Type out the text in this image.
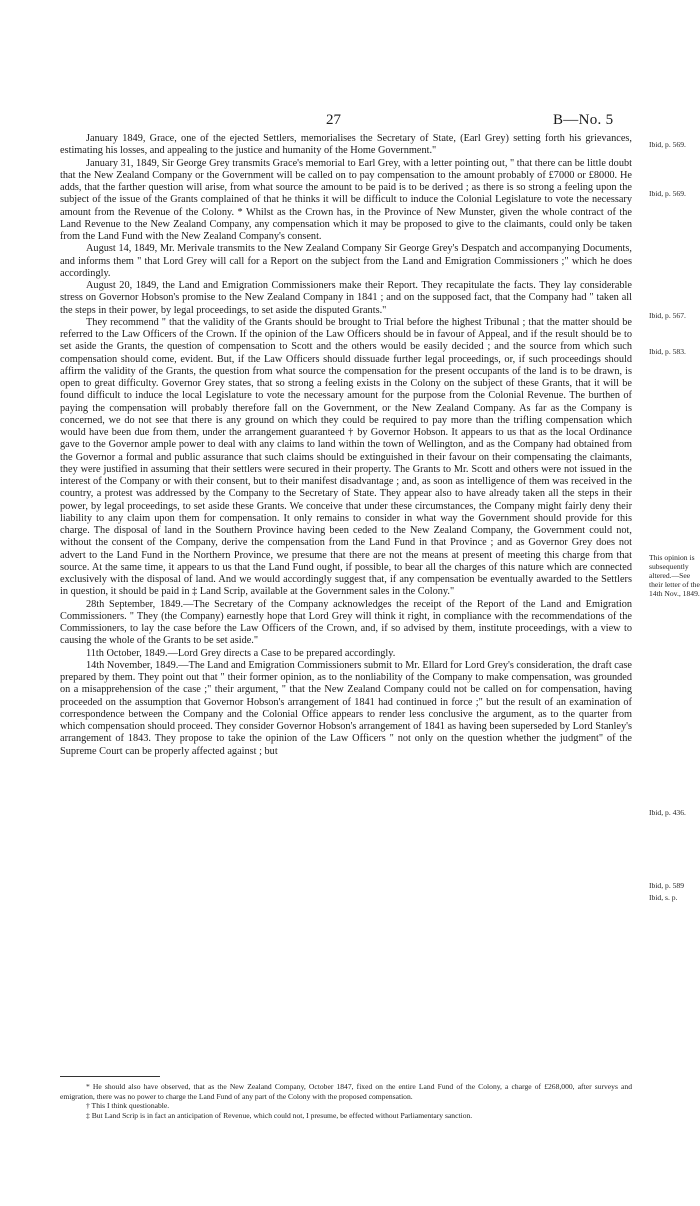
27	B—No. 5

January 1849, Grace, one of the ejected Settlers, memorialises the Secretary of State, (Earl Grey) setting forth his grievances, estimating his losses, and appealing to the justice and humanity of the Home Government."

January 31, 1849, Sir George Grey transmits Grace's memorial to Earl Grey, with a letter pointing out, " that there can be little doubt that the New Zealand Company or the Government will be called on to pay compensation to the amount probably of £7000 or £8000. He adds, that the farther question will arise, from what source the amount to be paid is to be derived ; as there is so strong a feeling upon the subject of the issue of the Grants complained of that he thinks it will be difficult to induce the Colonial Legislature to vote the necessary amount from the Revenue of the Colony. * Whilst as the Crown has, in the Province of New Munster, given the whole contract of the Land Revenue to the New Zealand Company, any compensation which it may be proposed to give to the claimants, could only be taken from the Land Fund with the New Zealand Company's consent.

August 14, 1849, Mr. Merivale transmits to the New Zealand Company Sir George Grey's Despatch and accompanying Documents, and informs them " that Lord Grey will call for a Report on the subject from the Land and Emigration Commissioners ;" which he does accordingly.

August 20, 1849, the Land and Emigration Commissioners make their Report. They recapitulate the facts. They lay considerable stress on Governor Hobson's promise to the New Zealand Company in 1841 ; and on the supposed fact, that the Company had " taken all the steps in their power, by legal proceedings, to set aside the disputed Grants."

They recommend " that the validity of the Grants should be brought to Trial before the highest Tribunal ; that the matter should be referred to the Law Officers of the Crown. If the opinion of the Law Officers should be in favour of Appeal, and if the result should be to set aside the Grants, the question of compensation to Scott and the others would be easily decided ; and the source from which such compensation should come, evident. But, if the Law Officers should dissuade further legal proceedings, or, if such proceedings should affirm the validity of the Grants, the question from what source the compensation for the present occupants of the land is to be drawn, is open to great difficulty. Governor Grey states, that so strong a feeling exists in the Colony on the subject of these Grants, that it will be found difficult to induce the local Legislature to vote the necessary amount for the purpose from the Colonial Revenue. The burthen of paying the compensation will probably therefore fall on the Government, or the New Zealand Company. As far as the Company is concerned, we do not see that there is any ground on which they could be required to pay more than the trifling compensation which would have been due from them, under the arrangement guaranteed † by Governor Hobson. It appears to us that as the local Ordinance gave to the Governor ample power to deal with any claims to land within the town of Wellington, and as the Company had obtained from the Governor a formal and public assurance that such claims should be extinguished in their favour on their compensating the claimants, they were justified in assuming that their settlers were secured in their property. The Grants to Mr. Scott and others were not issued in the interest of the Company or with their consent, but to their manifest disadvantage ; and, as soon as intelligence of them was received in the country, a protest was addressed by the Company to the Secretary of State. They appear also to have already taken all the steps in their power, by legal proceedings, to set aside these Grants. We conceive that under these circumstances, the Company might fairly deny their liability to any claim upon them for compensation. It only remains to consider in what way the Government should provide for this charge. The disposal of land in the Southern Province having been ceded to the New Zealand Company, the Government could not, without the consent of the Company, derive the compensation from the Land Fund in that Province ; and as Governor Grey does not advert to the Land Fund in the Northern Province, we presume that there are not the means at present of meeting this charge from that source. At the same time, it appears to us that the Land Fund ought, if possible, to bear all the charges of this nature which are connected exclusively with the disposal of land. And we would accordingly suggest that, if any compensation be eventually awarded to the Settlers in question, it should be paid in ‡ Land Scrip, available at the Government sales in the Colony."

28th September, 1849.—The Secretary of the Company acknowledges the receipt of the Report of the Land and Emigration Commissioners. " They (the Company) earnestly hope that Lord Grey will think it right, in compliance with the recommendations of the Commissioners, to lay the case before the Law Officers of the Crown, and, if so advised by them, institute proceedings, with a view to causing the whole of the Grants to be set aside."

11th October, 1849.—Lord Grey directs a Case to be prepared accordingly.

14th November, 1849.—The Land and Emigration Commissioners submit to Mr. Ellard for Lord Grey's consideration, the draft case prepared by them. They point out that " their former opinion, as to the nonliability of the Company to make compensation, was grounded on a misapprehension of the case ;" their argument, " that the New Zealand Company could not be called on for compensation, having proceeded on the assumption that Governor Hobson's arrangement of 1841 had continued in force ;" but the result of an examination of correspondence between the Company and the Colonial Office appears to render less conclusive the argument, as to the quarter from which compensation should proceed. They consider Governor Hobson's arrangement of 1841 as having been superseded by Lord Stanley's arrangement of 1843. They propose to take the opinion of the Law Officers " not only on the question whether the judgment" of the Supreme Court can be properly affected against ; but

Ibid, p. 569.
Ibid, p. 569.
Ibid, p. 567.
Ibid, p. 583.
This opinion is subsequently altered.—See their letter of the 14th Nov., 1849.
Ibid, p. 436.
Ibid, p. 589
Ibid, s. p.

* He should also have observed, that as the New Zealand Company, October 1847, fixed on the entire Land Fund of the Colony, a charge of £268,000, after surveys and emigration, there was no power to charge the Land Fund of any part of the Colony with the proposed compensation.

† This I think questionable.

‡ But Land Scrip is in fact an anticipation of Revenue, which could not, I presume, be effected without Parliamentary sanction.
